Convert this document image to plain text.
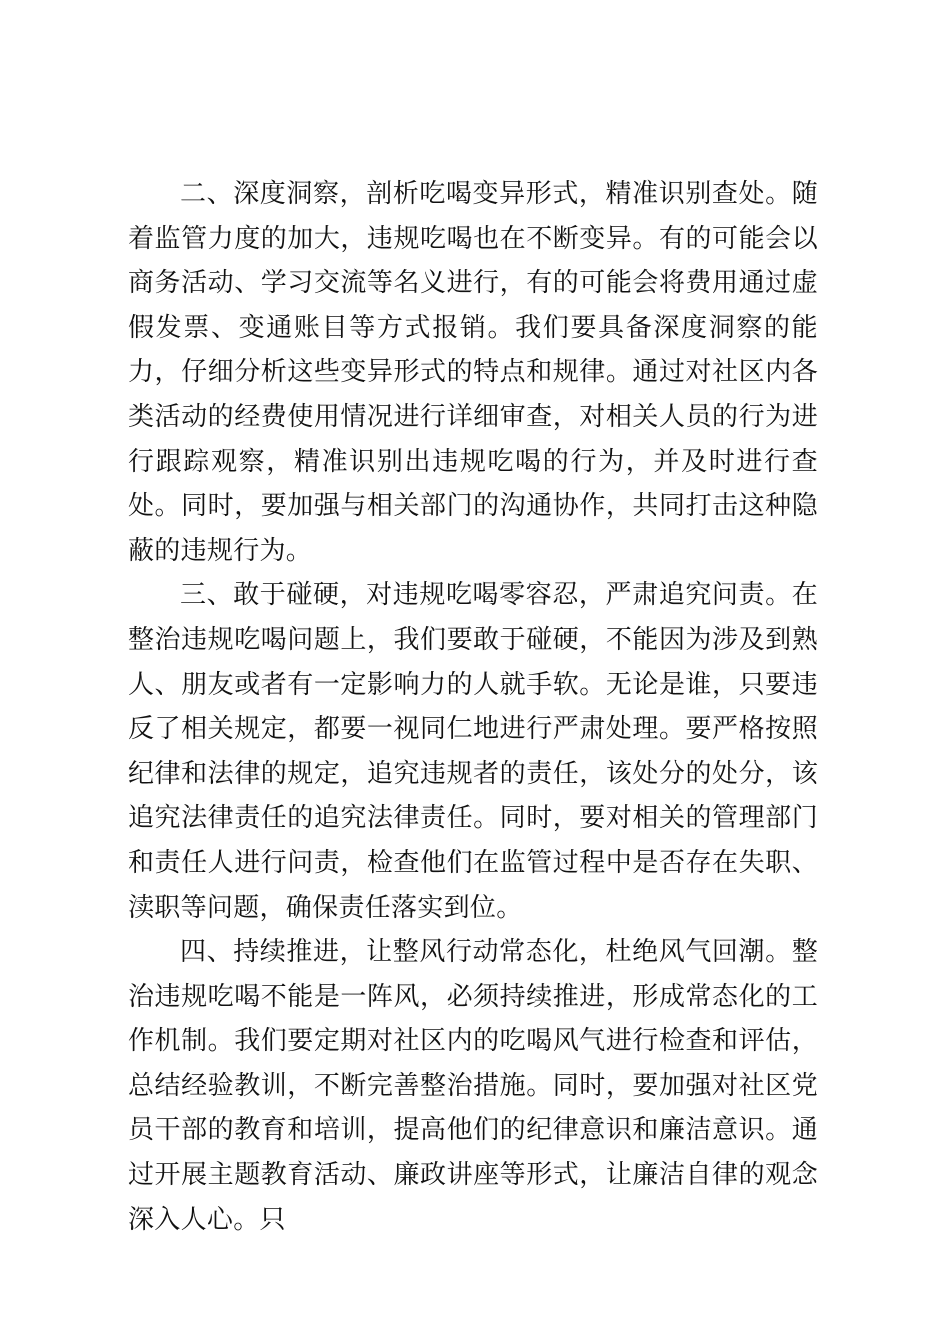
二、深度洞察，剖析吃喝变异形式，精准识别查处。随着监管力度的加大，违规吃喝也在不断变异。有的可能会以商务活动、学习交流等名义进行，有的可能会将费用通过虚假发票、变通账目等方式报销。我们要具备深度洞察的能力，仔细分析这些变异形式的特点和规律。通过对社区内各类活动的经费使用情况进行详细审查，对相关人员的行为进行跟踪观察，精准识别出违规吃喝的行为，并及时进行查处。同时，要加强与相关部门的沟通协作，共同打击这种隐蔽的违规行为。

三、敢于碰硬，对违规吃喝零容忍，严肃追究问责。在整治违规吃喝问题上，我们要敢于碰硬，不能因为涉及到熟人、朋友或者有一定影响力的人就手软。无论是谁，只要违反了相关规定，都要一视同仁地进行严肃处理。要严格按照纪律和法律的规定，追究违规者的责任，该处分的处分，该追究法律责任的追究法律责任。同时，要对相关的管理部门和责任人进行问责，检查他们在监管过程中是否存在失职、渎职等问题，确保责任落实到位。

四、持续推进，让整风行动常态化，杜绝风气回潮。整治违规吃喝不能是一阵风，必须持续推进，形成常态化的工作机制。我们要定期对社区内的吃喝风气进行检查和评估，总结经验教训，不断完善整治措施。同时，要加强对社区党员干部的教育和培训，提高他们的纪律意识和廉洁意识。通过开展主题教育活动、廉政讲座等形式，让廉洁自律的观念深入人心。只
